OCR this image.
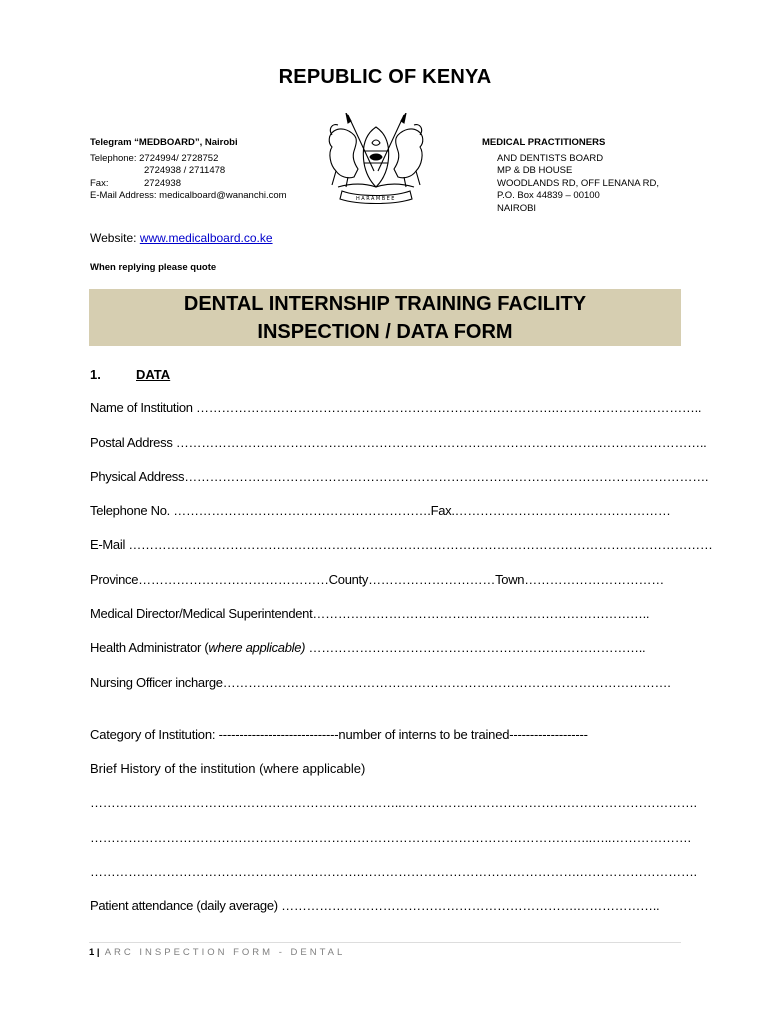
REPUBLIC OF KENYA
Telegram “MEDBOARD”, Nairobi
Telephone: 2724994/ 2728752
2724938 / 2711478
Fax:	2724938
E-Mail Address: medicalboard@wananchi.com	HARAMBEE
MEDICAL PRACTITIONERS
AND DENTISTS BOARD
MP & DB HOUSE
WOODLANDS RD, OFF LENANA RD,
P.O. Box 44839 – 00100
NAIROBI
Website: www.medicalboard.co.ke
When replying please quote
DENTAL INTERNSHIP TRAINING FACILITY
INSPECTION / DATA FORM
1.	DATA
Name of Institution ………………………………………………………………………….……………………………..
Postal Address ……………………………………………………………………………………….……………………..
Physical Address…………………………………………………………………………………………………………….
Telephone No. …………………………………………………….Fax.……………………………………………
E-Mail …………………………………………………………………………………………………………………………
Province………………………………………County…………………………Town……………………………
Medical Director/Medical Superintendent……………………………………………………………………..
Health Administrator (where applicable) ……………………………………………………………………..
Nursing Officer incharge…………………………………………………………………………………………….
Category of Institution: -----------------------------number of interns to be trained-------------------
Brief History of the institution (where applicable)
………………………………………………………………..…………………………………………………………….
………………………………………………………………………………………………………..…..……………….
……………………………………………………….…………………………………………….……………………….
Patient attendance (daily average) …………………………………………………………….………………..
1 | ARC INSPECTION FORM - DENTAL
